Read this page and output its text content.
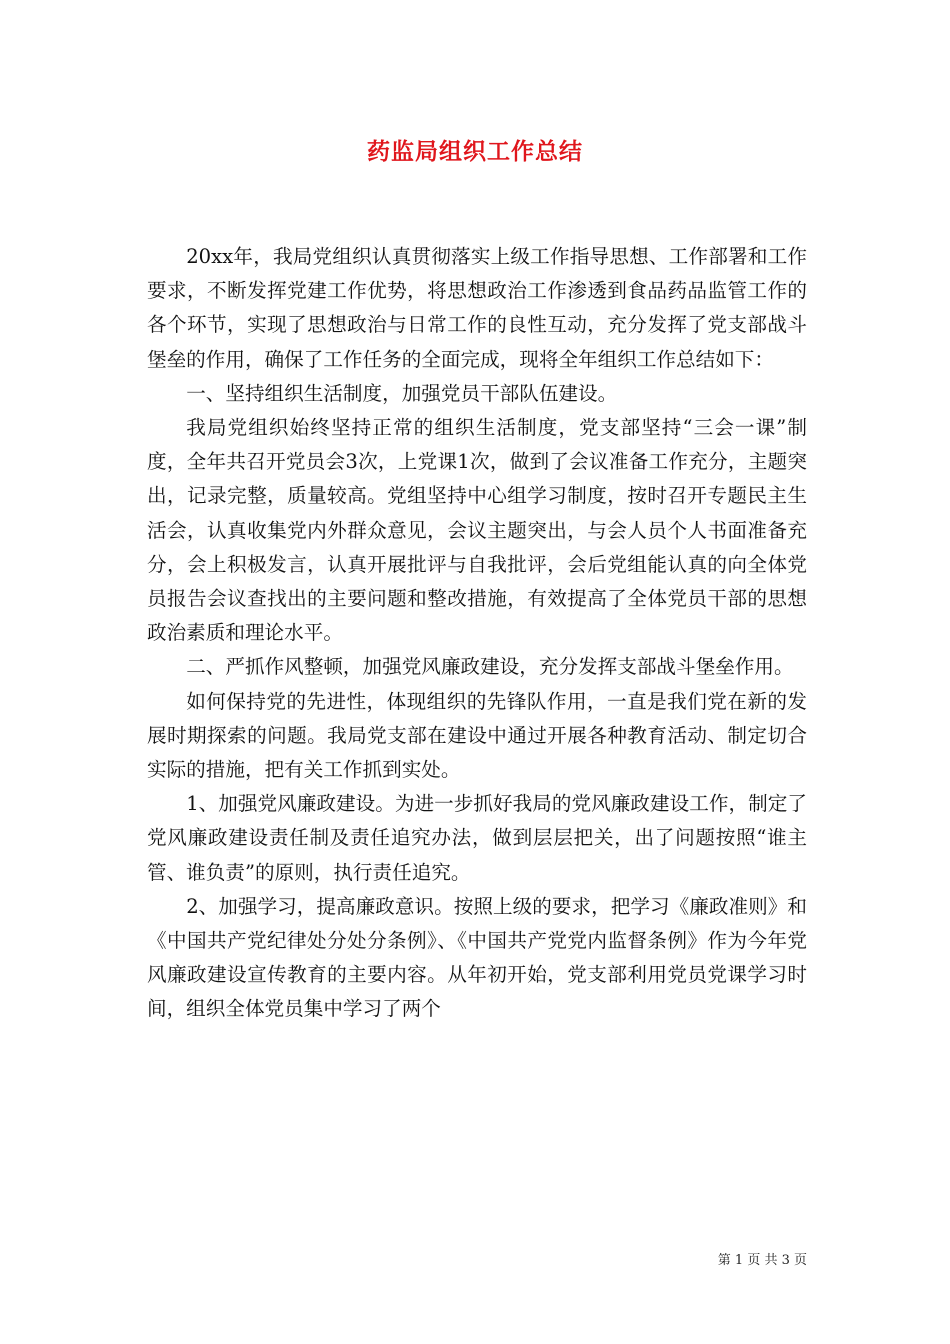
药监局组织工作总结

20xx年，我局党组织认真贯彻落实上级工作指导思想、工作部署和工作要求，不断发挥党建工作优势，将思想政治工作渗透到食品药品监管工作的各个环节，实现了思想政治与日常工作的良性互动，充分发挥了党支部战斗堡垒的作用，确保了工作任务的全面完成，现将全年组织工作总结如下：

一、坚持组织生活制度，加强党员干部队伍建设。

我局党组织始终坚持正常的组织生活制度，党支部坚持“三会一课”制度，全年共召开党员会3次，上党课1次，做到了会议准备工作充分，主题突出，记录完整，质量较高。党组坚持中心组学习制度，按时召开专题民主生活会，认真收集党内外群众意见，会议主题突出，与会人员个人书面准备充分，会上积极发言，认真开展批评与自我批评，会后党组能认真的向全体党员报告会议查找出的主要问题和整改措施，有效提高了全体党员干部的思想政治素质和理论水平。

二、严抓作风整顿，加强党风廉政建设，充分发挥支部战斗堡垒作用。

如何保持党的先进性，体现组织的先锋队作用，一直是我们党在新的发展时期探索的问题。我局党支部在建设中通过开展各种教育活动、制定切合实际的措施，把有关工作抓到实处。

1、加强党风廉政建设。为进一步抓好我局的党风廉政建设工作，制定了党风廉政建设责任制及责任追究办法，做到层层把关，出了问题按照“谁主管、谁负责”的原则，执行责任追究。

2、加强学习，提高廉政意识。按照上级的要求，把学习《廉政准则》和《中国共产党纪律处分处分条例》、《中国共产党党内监督条例》作为今年党风廉政建设宣传教育的主要内容。从年初开始，党支部利用党员党课学习时间，组织全体党员集中学习了两个

第 1 页 共 3 页
